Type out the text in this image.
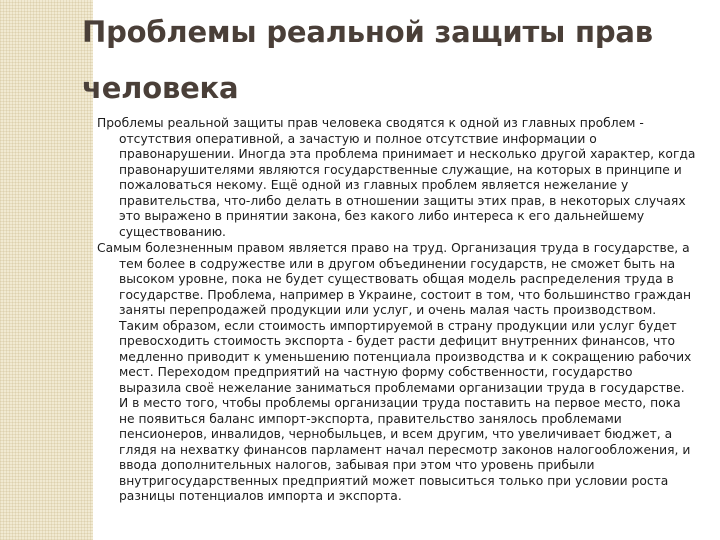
Проблемы реальной защиты прав человека

Проблемы реальной защиты прав человека сводятся к одной из главных проблем - отсутствия оперативной, а зачастую и полное отсутствие информации о правонарушении. Иногда эта проблема принимает и несколько другой характер, когда правонарушителями являются государственные служащие, на которых в принципе и пожаловаться некому. Ещё одной из главных проблем является нежелание у правительства, что-либо делать в отношении защиты этих прав, в некоторых случаях это выражено в принятии закона, без какого либо интереса к его дальнейшему существованию.

Самым болезненным правом является право на труд. Организация труда в государстве, а тем более в содружестве или в другом объединении государств, не сможет быть на высоком уровне, пока не будет существовать общая модель распределения труда в государстве. Проблема, например в Украине, состоит в том, что большинство граждан заняты перепродажей продукции или услуг, и очень малая часть производством. Таким образом, если стоимость импортируемой в страну продукции или услуг будет превосходить стоимость экспорта - будет расти дефицит внутренних финансов, что медленно приводит к уменьшению потенциала производства и к сокращению рабочих мест. Переходом предприятий на частную форму собственности, государство выразила своё нежелание заниматься проблемами организации труда в государстве. И в место того, чтобы проблемы организации труда поставить на первое место, пока не появиться баланс импорт-экспорта, правительство занялось проблемами пенсионеров, инвалидов, чернобыльцев, и всем другим, что увеличивает бюджет, а глядя на нехватку финансов парламент начал пересмотр законов налогообложения, и ввода дополнительных налогов, забывая при этом что уровень прибыли внутригосударственных предприятий может повыситься только при условии роста разницы потенциалов импорта и экспорта.
